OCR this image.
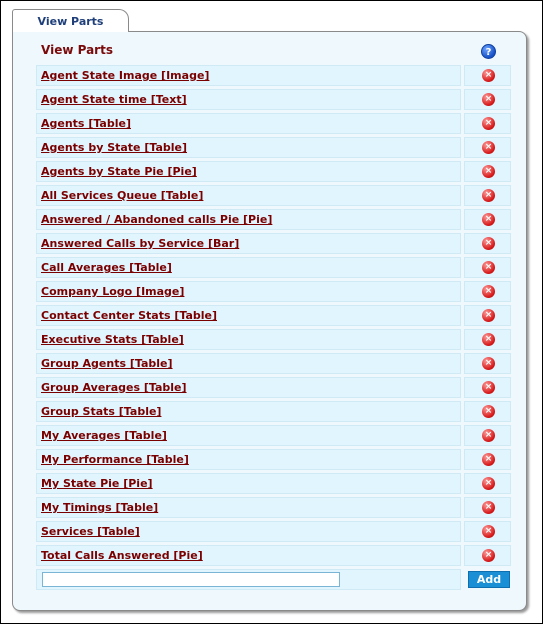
View Parts
View Parts	?
Agent State Image [Image]	×
Agent State time [Text]	×
Agents [Table]	×
Agents by State [Table]	×
Agents by State Pie [Pie]	×
All Services Queue [Table]	×
Answered / Abandoned calls Pie [Pie]	×
Answered Calls by Service [Bar]	×
Call Averages [Table]	×
Company Logo [Image]	×
Contact Center Stats [Table]	×
Executive Stats [Table]	×
Group Agents [Table]	×
Group Averages [Table]	×
Group Stats [Table]	×
My Averages [Table]	×
My Performance [Table]	×
My State Pie [Pie]	×
My Timings [Table]	×
Services [Table]	×
Total Calls Answered [Pie]	×
Add
